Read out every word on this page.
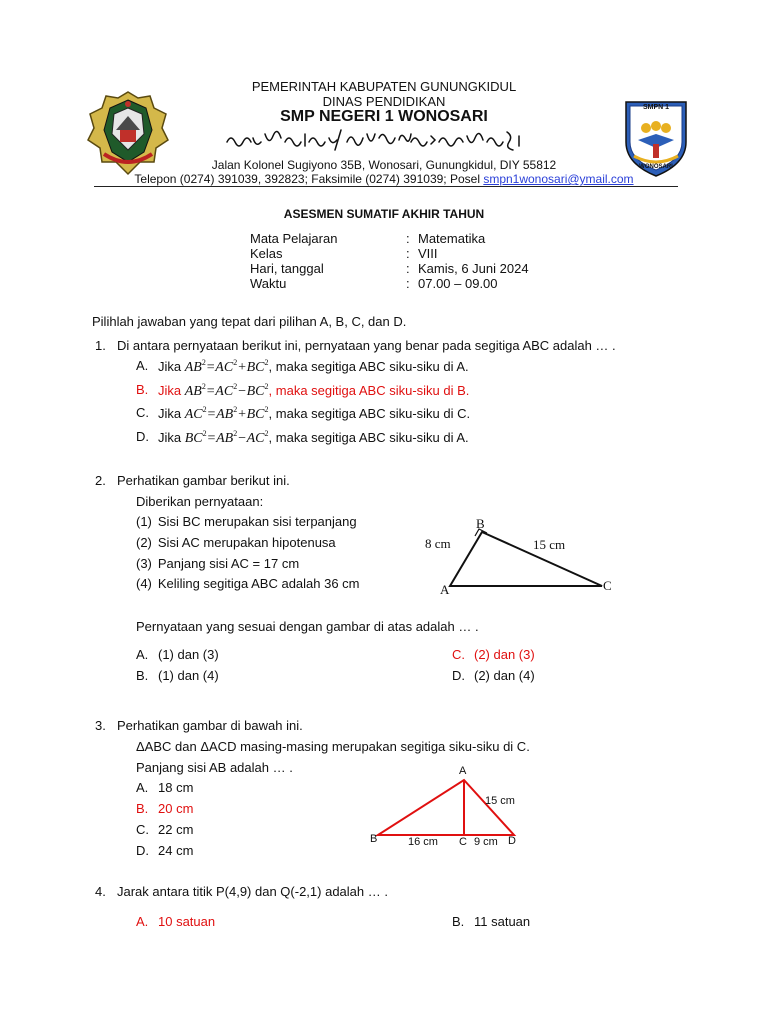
PEMERINTAH KABUPATEN GUNUNGKIDUL
DINAS PENDIDIKAN
SMP NEGERI 1 WONOSARI
Jalan Kolonel Sugiyono 35B, Wonosari, Gunungkidul, DIY 55812
Telepon (0274) 391039, 392823; Faksimile (0274) 391039; Posel smpn1wonosari@ymail.com
SMPN 1
WONOSARI
ASESMEN SUMATIF AKHIR TAHUN
Mata Pelajaran	: Matematika
Kelas	: VIII
Hari, tanggal	: Kamis, 6 Juni 2024
Waktu	: 07.00 – 09.00
Pilihlah jawaban yang tepat dari pilihan A, B, C, dan D.
1. Di antara pernyataan berikut ini, pernyataan yang benar pada segitiga ABC adalah … .
A. Jika $AB^2=AC^2+BC^2$, maka segitiga ABC siku-siku di A.
B. Jika $AB^2=AC^2-BC^2$, maka segitiga ABC siku-siku di B.
C. Jika $AC^2=AB^2+BC^2$, maka segitiga ABC siku-siku di C.
D. Jika $BC^2=AB^2-AC^2$, maka segitiga ABC siku-siku di A.
2. Perhatikan gambar berikut ini.
Diberikan pernyataan:
(1) Sisi BC merupakan sisi terpanjang
(2) Sisi AC merupakan hipotenusa
(3) Panjang sisi AC = 17 cm
(4) Keliling segitiga ABC adalah 36 cm
B
A	C
8 cm	15 cm
Pernyataan yang sesuai dengan gambar di atas adalah … .
A. (1) dan (3)	C. (2) dan (3)
B. (1) dan (4)	D. (2) dan (4)
3. Perhatikan gambar di bawah ini.
ΔABC dan ΔACD masing-masing merupakan segitiga siku-siku di C.
Panjang sisi AB adalah … .
A. 18 cm
B. 20 cm
C. 22 cm
D. 24 cm
A
15 cm
B	16 cm C 9 cm D
4. Jarak antara titik P(4,9) dan Q(-2,1) adalah … .
A. 10 satuan	B. 11 satuan
